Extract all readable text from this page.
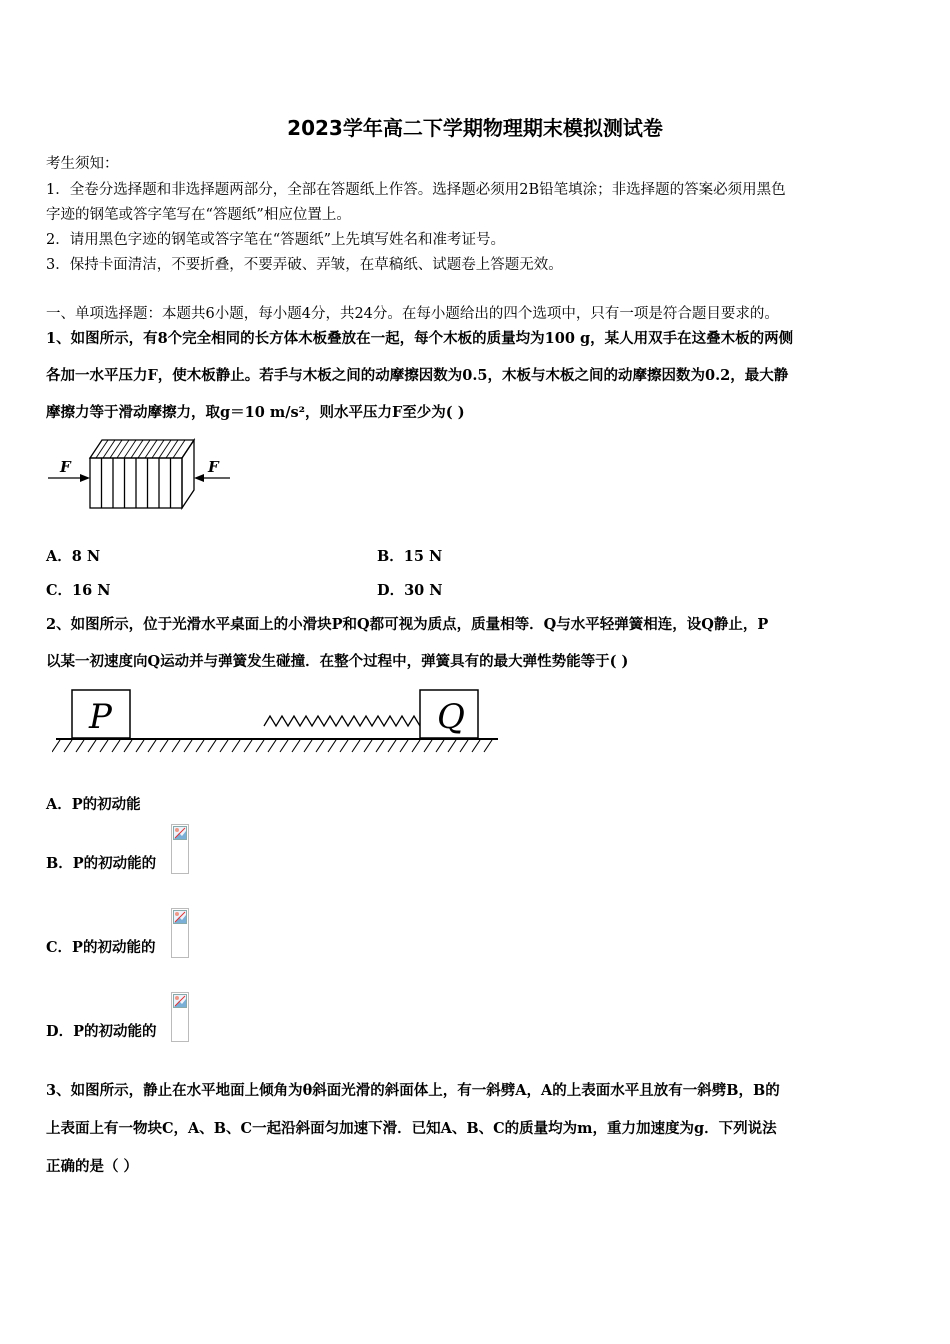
2023学年高二下学期物理期末模拟测试卷
考生须知：
1．全卷分选择题和非选择题两部分，全部在答题纸上作答。选择题必须用2B铅笔填涂；非选择题的答案必须用黑色
字迹的钢笔或答字笔写在“答题纸”相应位置上。
2．请用黑色字迹的钢笔或答字笔在“答题纸”上先填写姓名和准考证号。
3．保持卡面清洁，不要折叠，不要弄破、弄皱，在草稿纸、试题卷上答题无效。
一、单项选择题：本题共6小题，每小题4分，共24分。在每小题给出的四个选项中，只有一项是符合题目要求的。
1、如图所示，有8个完全相同的长方体木板叠放在一起，每个木板的质量均为100 g，某人用双手在这叠木板的两侧
各加一水平压力F，使木板静止。若手与木板之间的动摩擦因数为0.5，木板与木板之间的动摩擦因数为0.2，最大静
摩擦力等于滑动摩擦力，取g＝10 m/s²，则水平压力F至少为( )
F	F
A．8 N	B．15 N
C．16 N	D．30 N
2、如图所示，位于光滑水平桌面上的小滑块P和Q都可视为质点，质量相等．Q与水平轻弹簧相连，设Q静止，P
以某一初速度向Q运动并与弹簧发生碰撞．在整个过程中，弹簧具有的最大弹性势能等于( )
P	Q
A．P的初动能
B．P的初动能的
C．P的初动能的
D．P的初动能的
3、如图所示，静止在水平地面上倾角为θ斜面光滑的斜面体上，有一斜劈A，A的上表面水平且放有一斜劈B，B的
上表面上有一物块C，A、B、C一起沿斜面匀加速下滑．已知A、B、C的质量均为m，重力加速度为g．下列说法
正确的是（ ）
